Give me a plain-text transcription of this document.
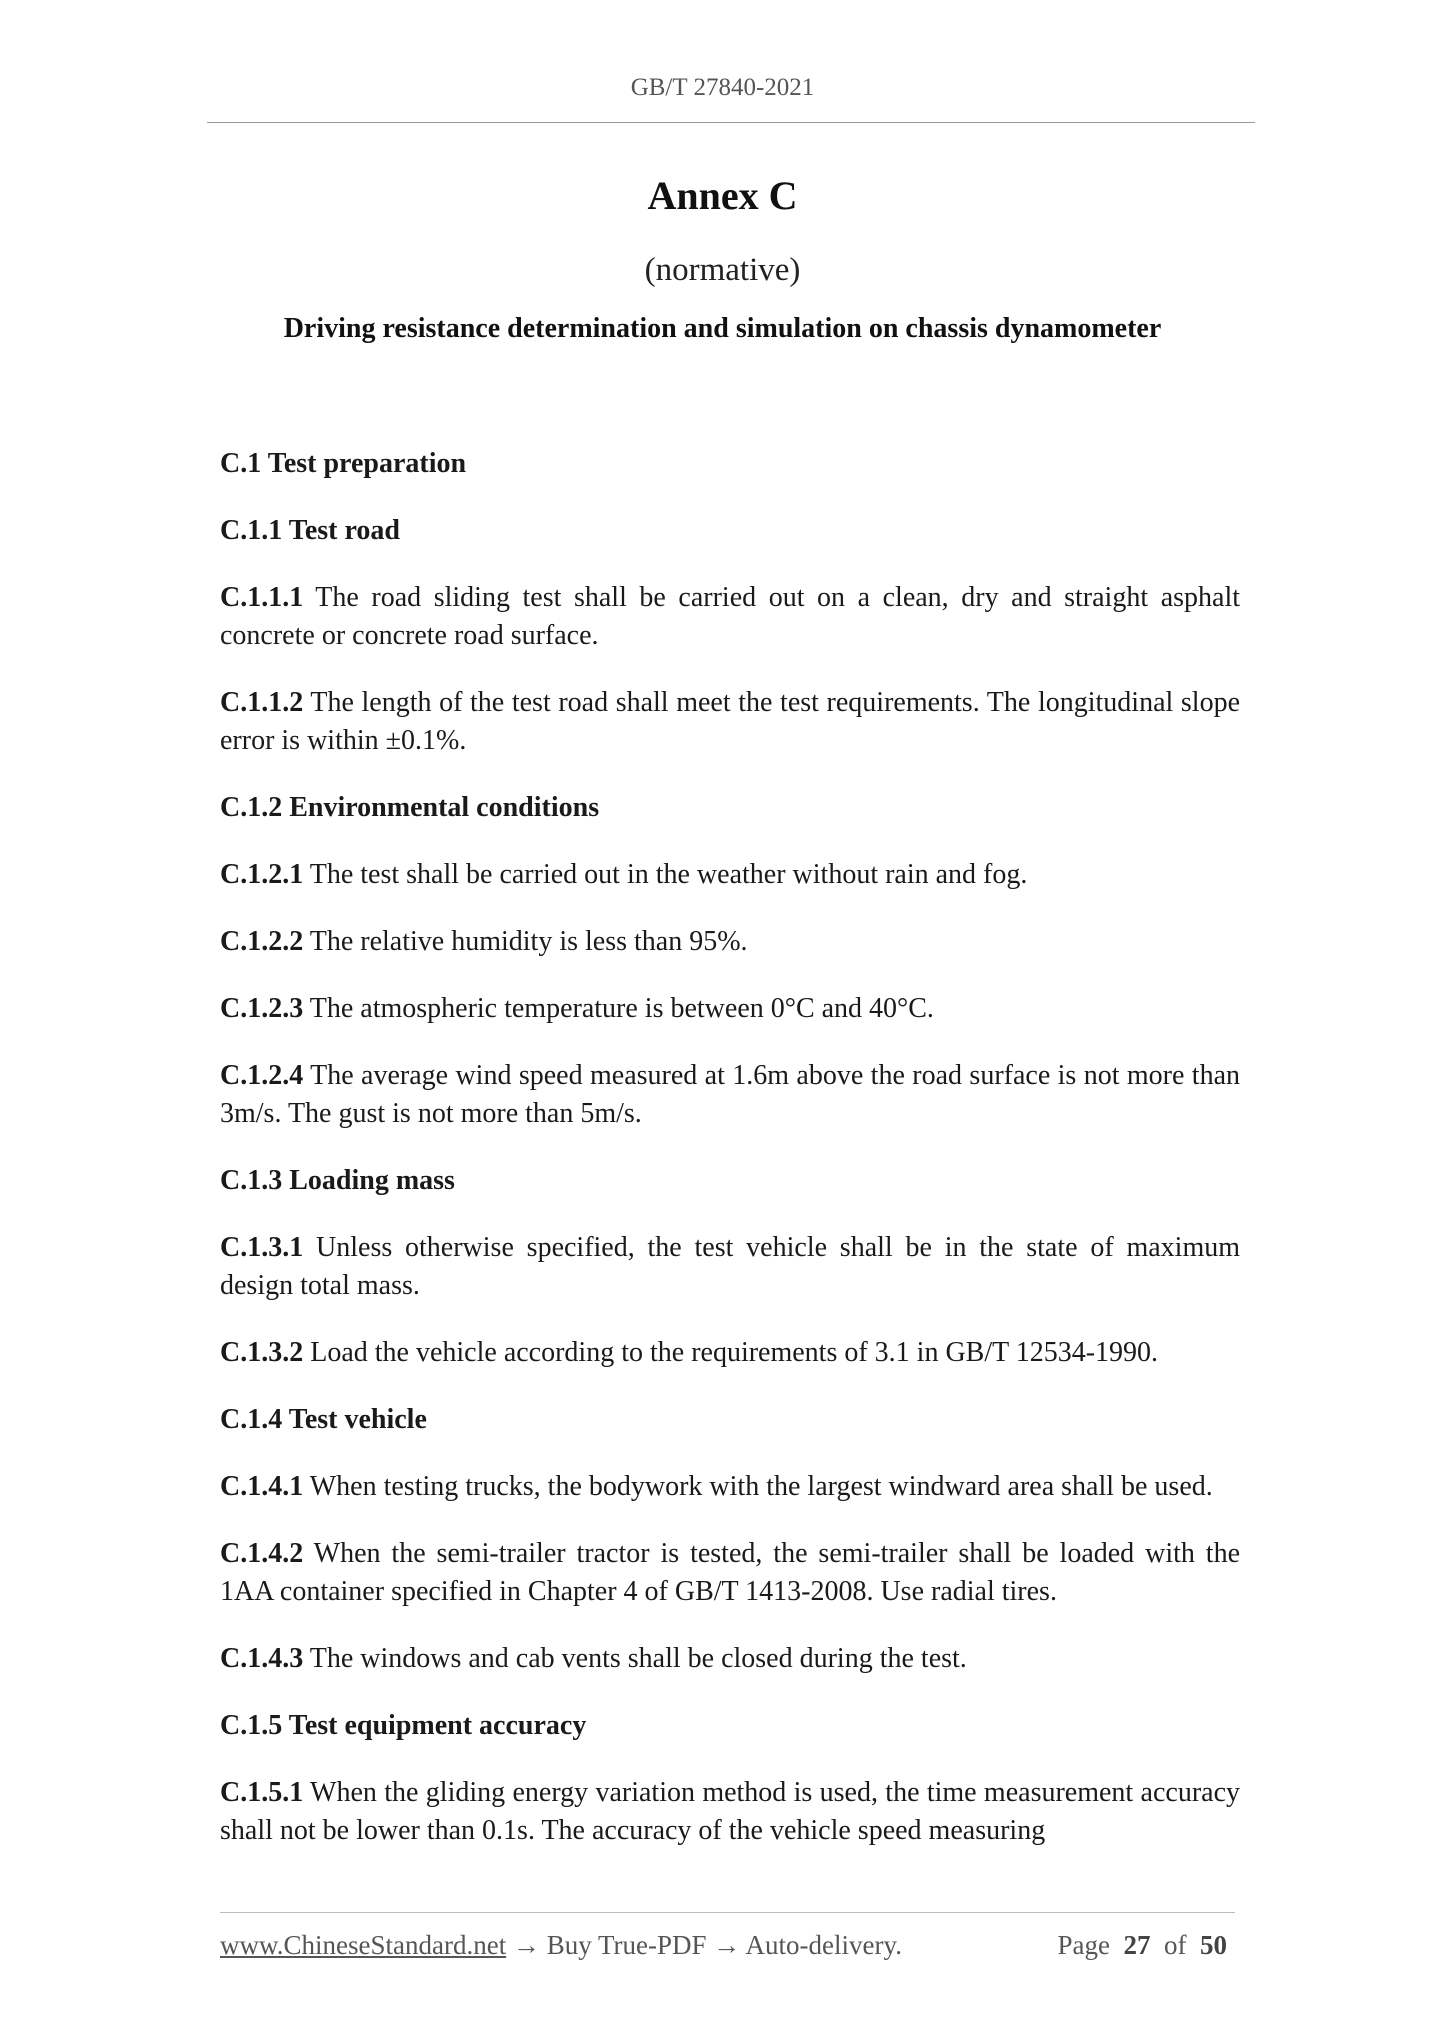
GB/T 27840-2021
Annex C
(normative)
Driving resistance determination and simulation on chassis dynamometer
C.1 Test preparation
C.1.1 Test road
C.1.1.1 The road sliding test shall be carried out on a clean, dry and straight asphalt concrete or concrete road surface.
C.1.1.2 The length of the test road shall meet the test requirements. The longitudinal slope error is within ±0.1%.
C.1.2 Environmental conditions
C.1.2.1 The test shall be carried out in the weather without rain and fog.
C.1.2.2 The relative humidity is less than 95%.
C.1.2.3 The atmospheric temperature is between 0°C and 40°C.
C.1.2.4 The average wind speed measured at 1.6m above the road surface is not more than 3m/s. The gust is not more than 5m/s.
C.1.3 Loading mass
C.1.3.1 Unless otherwise specified, the test vehicle shall be in the state of maximum design total mass.
C.1.3.2 Load the vehicle according to the requirements of 3.1 in GB/T 12534-1990.
C.1.4 Test vehicle
C.1.4.1 When testing trucks, the bodywork with the largest windward area shall be used.
C.1.4.2 When the semi-trailer tractor is tested, the semi-trailer shall be loaded with the 1AA container specified in Chapter 4 of GB/T 1413-2008. Use radial tires.
C.1.4.3 The windows and cab vents shall be closed during the test.
C.1.5 Test equipment accuracy
C.1.5.1 When the gliding energy variation method is used, the time measurement accuracy shall not be lower than 0.1s. The accuracy of the vehicle speed measuring
www.ChineseStandard.net → Buy True-PDF → Auto-delivery.	Page 27 of 50
